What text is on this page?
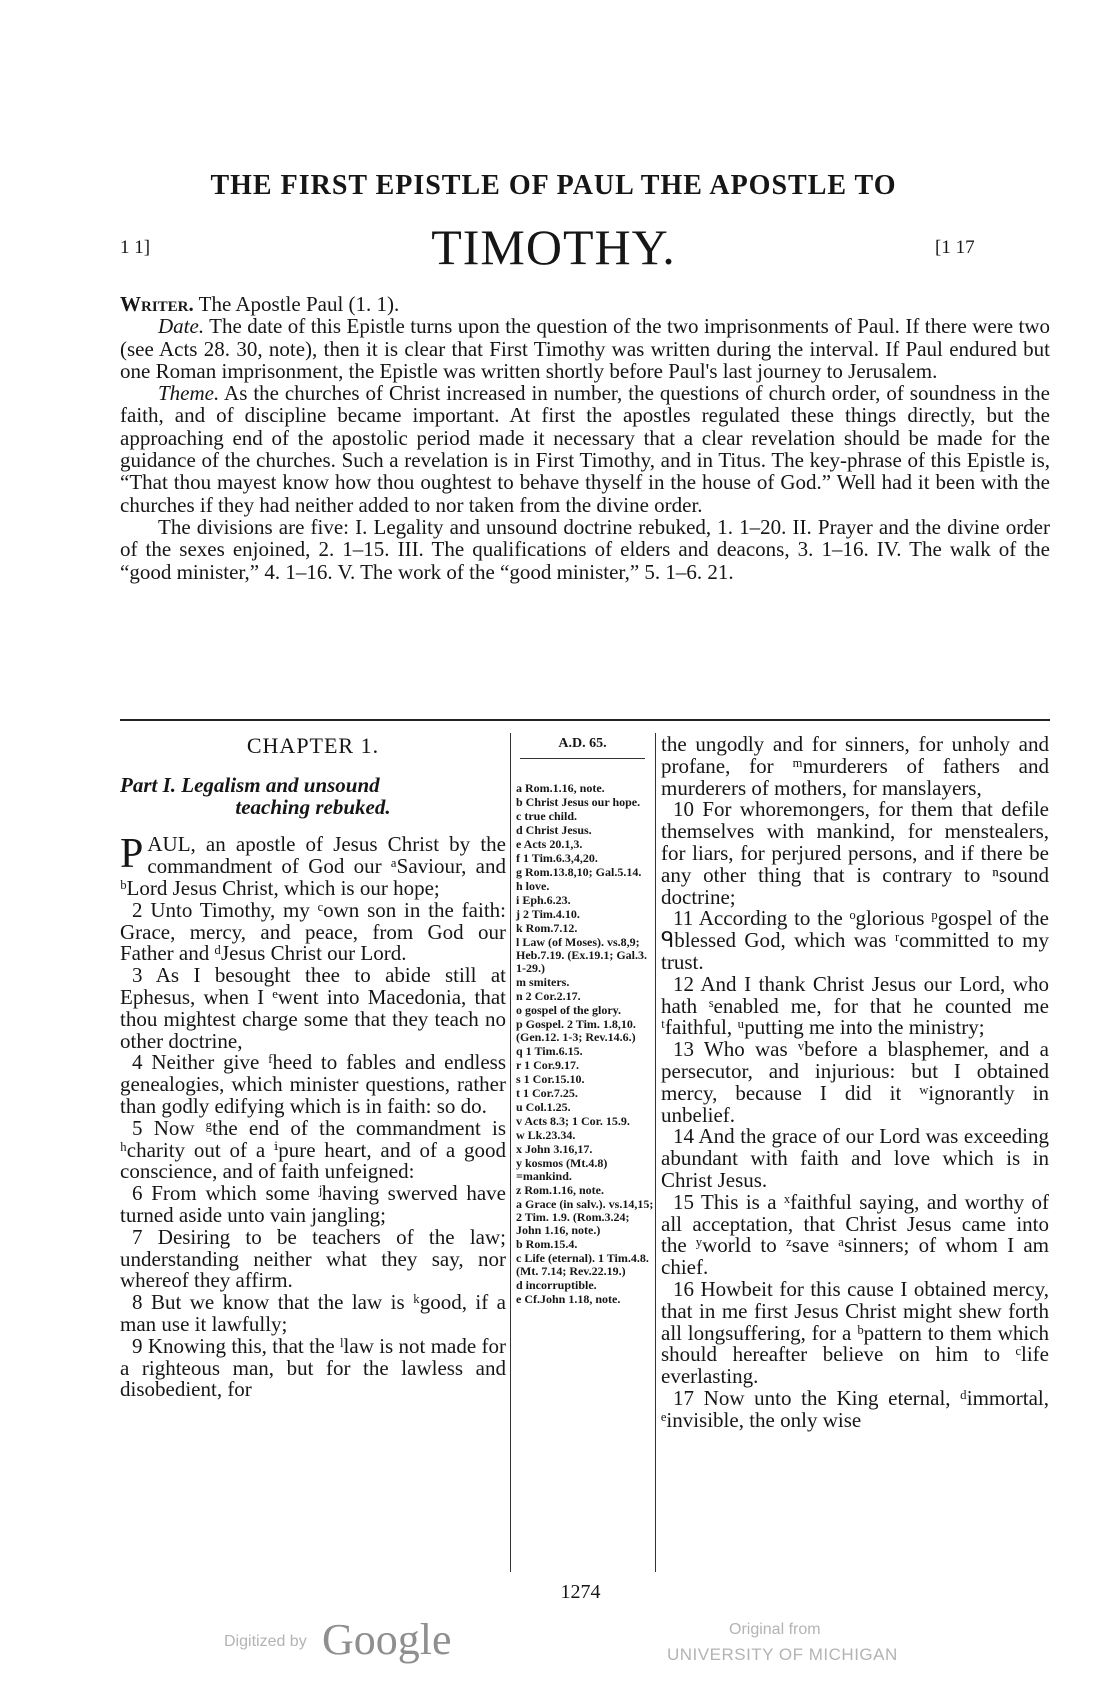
THE FIRST EPISTLE OF PAUL THE APOSTLE TO
TIMOTHY.
1 1]	[1 17

Writer. The Apostle Paul (1. 1).

Date. The date of this Epistle turns upon the question of the two imprisonments of Paul. If there were two (see Acts 28. 30, note), then it is clear that First Timothy was written during the interval. If Paul endured but one Roman imprisonment, the Epistle was written shortly before Paul's last journey to Jerusalem.

Theme. As the churches of Christ increased in number, the questions of church order, of soundness in the faith, and of discipline became important. At first the apostles regulated these things directly, but the approaching end of the apostolic period made it necessary that a clear revelation should be made for the guidance of the churches. Such a revelation is in First Timothy, and in Titus. The key-phrase of this Epistle is, “That thou mayest know how thou oughtest to behave thyself in the house of God.” Well had it been with the churches if they had neither added to nor taken from the divine order.

The divisions are five: I. Legality and unsound doctrine rebuked, 1. 1–20. II. Prayer and the divine order of the sexes enjoined, 2. 1–15. III. The qualifications of elders and deacons, 3. 1–16. IV. The walk of the “good minister,” 4. 1–16. V. The work of the “good minister,” 5. 1–6. 21.

CHAPTER 1.
Part I. Legalism and unsound
teaching rebuked.

PAUL, an apostle of Jesus Christ by the commandment of God our ᵃSaviour, and ᵇLord Jesus Christ, which is our hope;

2 Unto Timothy, my ᶜown son in the faith: Grace, mercy, and peace, from God our Father and ᵈJesus Christ our Lord.

3 As I besought thee to abide still at Ephesus, when I ᵉwent into Macedonia, that thou mightest charge some that they teach no other doctrine,

4 Neither give ᶠheed to fables and endless genealogies, which minister questions, rather than godly edifying which is in faith: so do.

5 Now ᵍthe end of the commandment is ʰcharity out of a ⁱpure heart, and of a good conscience, and of faith unfeigned:

6 From which some ʲhaving swerved have turned aside unto vain jangling;

7 Desiring to be teachers of the law; understanding neither what they say, nor whereof they affirm.

8 But we know that the law is ᵏgood, if a man use it lawfully;

9 Knowing this, that the ˡlaw is not made for a righteous man, but for the lawless and disobedient, for

A.D. 65.
a Rom.1.16, note.
b Christ Jesus our hope.
c true child.
d Christ Jesus.
e Acts 20.1,3.
f 1 Tim.6.3,4,20.
g Rom.13.8,10; Gal.5.14.
h love.
i Eph.6.23.
j 2 Tim.4.10.
k Rom.7.12.
l Law (of Moses). vs.8,9; Heb.7.19. (Ex.19.1; Gal.3. 1-29.)
m smiters.
n 2 Cor.2.17.
o gospel of the glory.
p Gospel. 2 Tim. 1.8,10. (Gen.12. 1-3; Rev.14.6.)
q 1 Tim.6.15.
r 1 Cor.9.17.
s 1 Cor.15.10.
t 1 Cor.7.25.
u Col.1.25.
v Acts 8.3; 1 Cor. 15.9.
w Lk.23.34.
x John 3.16,17.
y kosmos (Mt.4.8) =mankind.
z Rom.1.16, note.
a Grace (in salv.). vs.14,15; 2 Tim. 1.9. (Rom.3.24; John 1.16, note.)
b Rom.15.4.
c Life (eternal). 1 Tim.4.8. (Mt. 7.14; Rev.22.19.)
d incorruptible.
e Cf.John 1.18, note.

the ungodly and for sinners, for unholy and profane, for ᵐmurderers of fathers and murderers of mothers, for manslayers,

10 For whoremongers, for them that defile themselves with mankind, for menstealers, for liars, for perjured persons, and if there be any other thing that is contrary to ⁿsound doctrine;

11 According to the ᵒglorious ᵖgospel of the ᑫblessed God, which was ʳcommitted to my trust.

12 And I thank Christ Jesus our Lord, who hath ˢenabled me, for that he counted me ᵗfaithful, ᵘputting me into the ministry;

13 Who was ᵛbefore a blasphemer, and a persecutor, and injurious: but I obtained mercy, because I did it ʷignorantly in unbelief.

14 And the grace of our Lord was exceeding abundant with faith and love which is in Christ Jesus.

15 This is a ˣfaithful saying, and worthy of all acceptation, that Christ Jesus came into the ʸworld to ᶻsave ᵃsinners; of whom I am chief.

16 Howbeit for this cause I obtained mercy, that in me first Jesus Christ might shew forth all longsuffering, for a ᵇpattern to them which should hereafter believe on him to ᶜlife everlasting.

17 Now unto the King eternal, ᵈimmortal, ᵉinvisible, the only wise

1274
Digitized by Google	Original from
UNIVERSITY OF MICHIGAN
